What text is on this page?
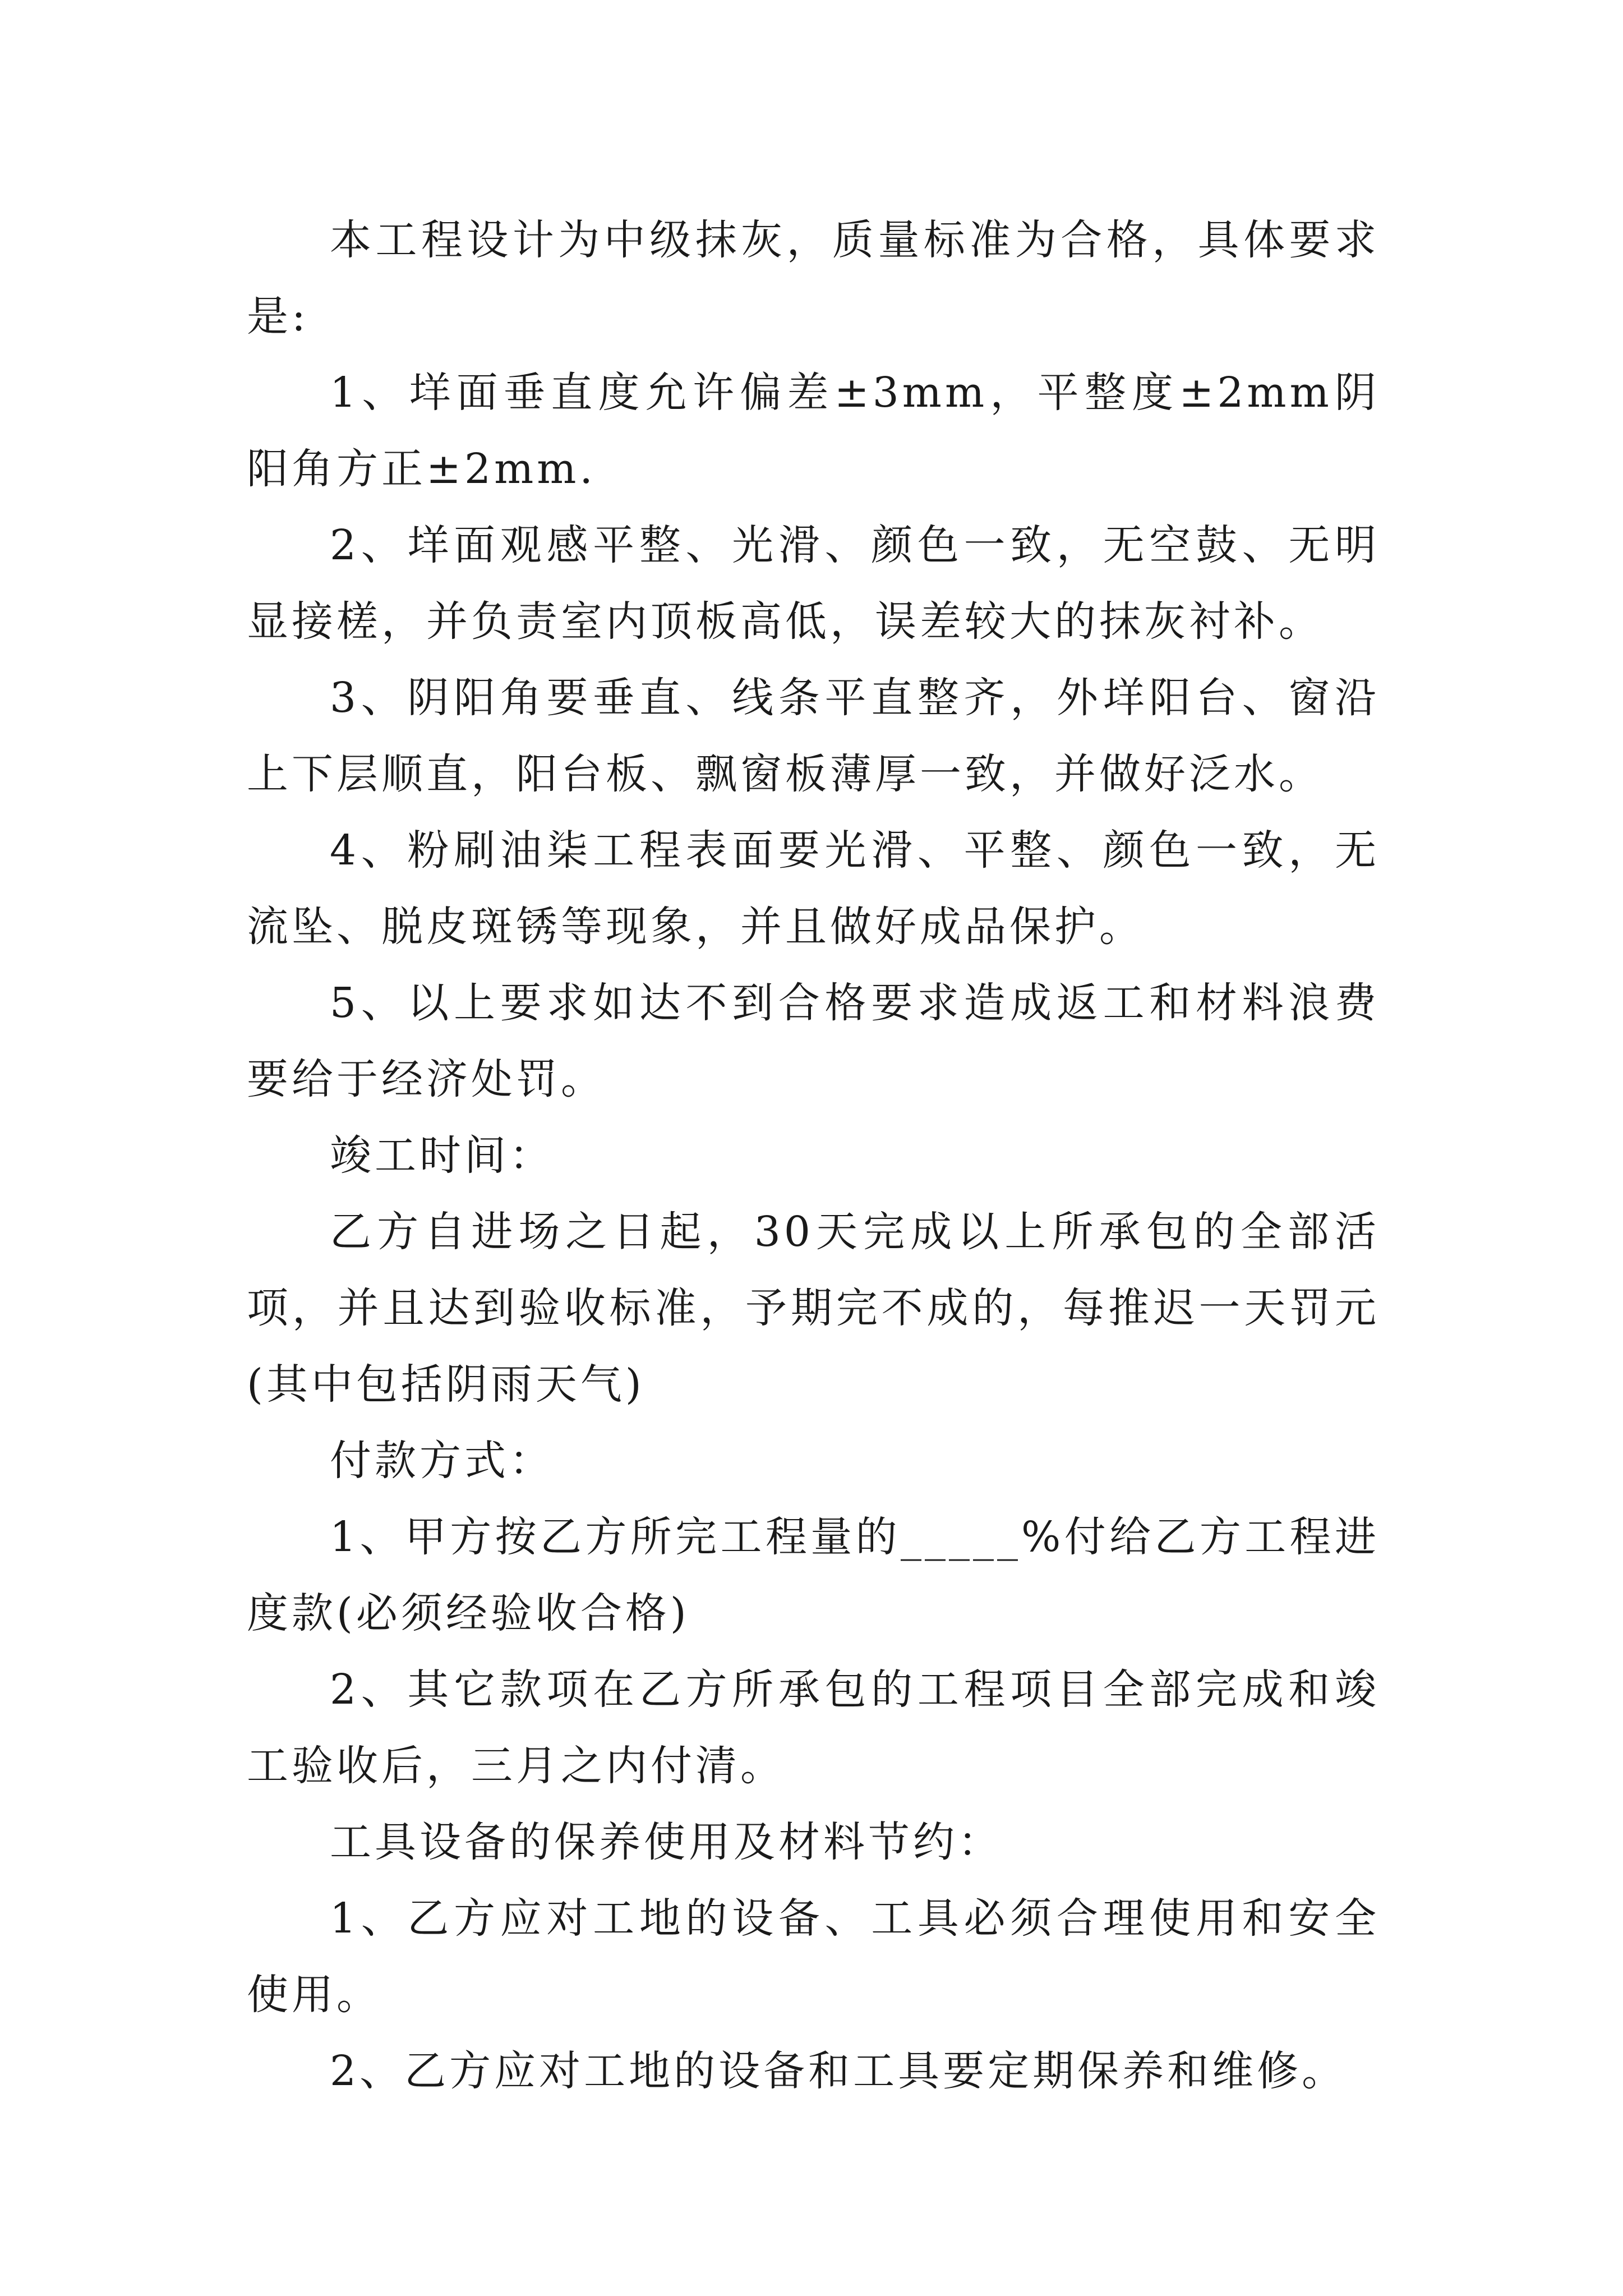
本工程设计为中级抹灰，质量标准为合格，具体要求是:

1、垟面垂直度允许偏差±3mm，平整度±2mm阴阳角方正±2mm.

2、垟面观感平整、光滑、颜色一致，无空鼓、无明显接槎，并负责室内顶板高低，误差较大的抹灰衬补。

3、阴阳角要垂直、线条平直整齐，外垟阳台、窗沿上下层顺直，阳台板、飘窗板薄厚一致，并做好泛水。

4、粉刷油柒工程表面要光滑、平整、颜色一致，无流坠、脱皮斑锈等现象，并且做好成品保护。

5、以上要求如达不到合格要求造成返工和材料浪费要给于经济处罚。

竣工时间：

乙方自进场之日起，30天完成以上所承包的全部活项，并且达到验收标准，予期完不成的，每推迟一天罚元(其中包括阴雨天气)

付款方式：

1、甲方按乙方所完工程量的_____%付给乙方工程进度款(必须经验收合格)

2、其它款项在乙方所承包的工程项目全部完成和竣工验收后，三月之内付清。

工具设备的保养使用及材料节约：

1、乙方应对工地的设备、工具必须合理使用和安全使用。

2、乙方应对工地的设备和工具要定期保养和维修。
